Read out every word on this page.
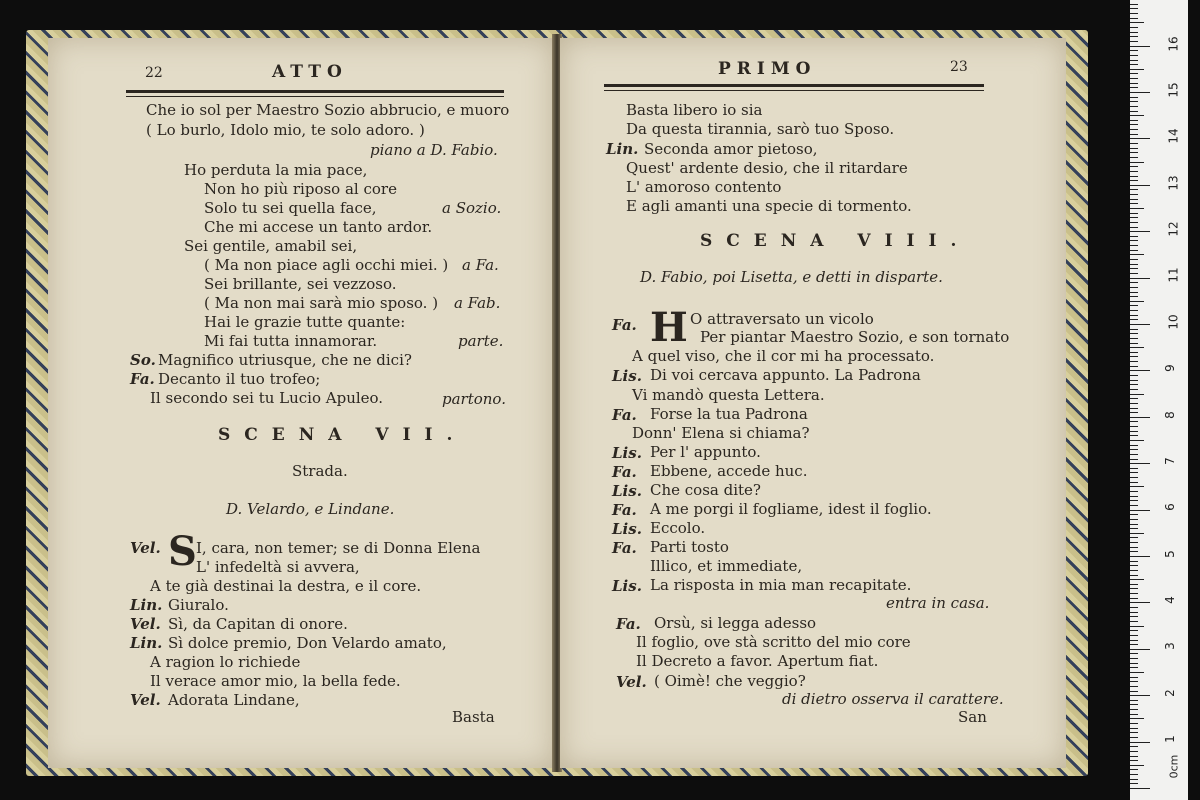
22	ATTO
Che io sol per Maestro Sozio abbrucio, e muoro
( Lo burlo, Idolo mio, te solo adoro. )
piano a D. Fabio.
Ho perduta la mia pace,
Non ho più riposo al core
Solo tu sei quella face,	a Sozio.
Che mi accese un tanto ardor.
Sei gentile, amabil sei,
( Ma non piace agli occhi miei. ) a Fa.
Sei brillante, sei vezzoso.
( Ma non mai sarà mio sposo. ) a Fab.
Hai le grazie tutte quante:
Mi fai tutta innamorar.	parte.
So. Magnifico utriusque, che ne dici?
Fa. Decanto il tuo trofeo;
Il secondo sei tu Lucio Apuleo.	partono.
SCENA VII.
Strada.
D. Velardo, e Lindane.
Vel. S I, cara, non temer; se di Donna Elena
L' infedeltà si avvera,
A te già destinai la destra, e il core.
Lin. Giuralo.
Vel. Sì, da Capitan di onore.
Lin. Sì dolce premio, Don Velardo amato,
A ragion lo richiede
Il verace amor mio, la bella fede.
Vel. Adorata Lindane,
Basta
PRIMO	23
Basta libero io sia
Da questa tirannia, sarò tuo Sposo.
Lin. Seconda amor pietoso,
Quest' ardente desio, che il ritardare
L' amoroso contento
E agli amanti una specie di tormento.
SCENA VIII.
D. Fabio, poi Lisetta, e detti in disparte.
Fa. H O attraversato un vicolo
Per piantar Maestro Sozio, e son tornato
A quel viso, che il cor mi ha processato.
Lis. Di voi cercava appunto. La Padrona
Vi mandò questa Lettera.
Fa. Forse la tua Padrona
Donn' Elena si chiama?
Lis. Per l' appunto.
Fa. Ebbene, accede huc.
Lis. Che cosa dite?
Fa. A me porgi il fogliame, idest il foglio.
Lis. Eccolo.
Fa. Parti tosto
Illico, et immediate,
Lis. La risposta in mia man recapitate.
entra in casa.
Fa. Orsù, si legga adesso
Il foglio, ove stà scritto del mio core
Il Decreto a favor. Apertum fiat.
Vel. ( Oimè! che veggio?
di dietro osserva il carattere.
San
1
2
3
4
5
6
7
8
9
10
11
12
13
14
15
16
0cm
